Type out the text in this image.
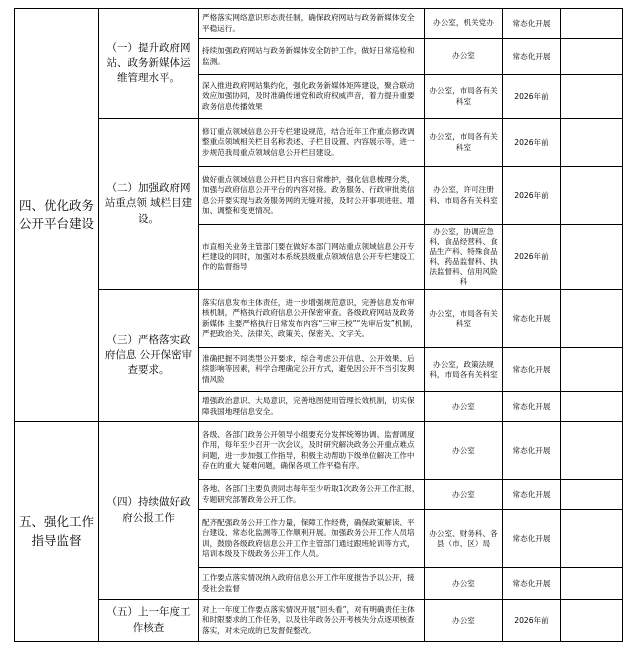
四、优化政务公开平台建设	（一）提升政府网站、政务新媒体运维管理水平。	严格落实网络意识形态责任制，确保政府网站与政务新媒体安全平稳运行。	办公室，机关党办	常态化开展	
		持续加强政府网站与政务新媒体安全防护工作，做好日常巡检和监测。	办公室	常态化开展	
		深入推进政府网站集约化，强化政务新媒体矩阵建设，聚合联动 效应加强协同，及时准确传递党和政府权威声音，着力提升重要政务信息传播效果	办公室，市局各有关科室	2026年前	
	（二）加强政府网站重点领 域栏目建设。	修订重点领域信息公开专栏建设规范，结合近年工作重点修改调 整重点领域相关栏目名称表述、子栏目设置、内容展示等，进一步规范我局重点领域信息公开栏目建设。	办公室，市局各有关科室	2026年前	
		做好重点领域信息公开栏目内容日常维护，强化信息梳理分类，加强与政府信息公开平台的内容对接。政务服务、行政审批类信息公开要实现与政务服务网的无缝对接，及时公开事项进驻、增加、调整和变更情况。	办公室，许可注册科、市局各有关科室	2026年前	
		市直相关业务主管部门要在做好本部门网站重点领域信息公开专栏建设的同时，加强对本系统县级重点领域信息公开专栏建设工作的监督指导	办公室，协调应急科、食品经营科、食品生产科、特殊食品科、药品监督科、执法监督科、信用风险科	2026年前	
	（三）严格落实政府信息 公开保密审查要求。	落实信息发布主体责任，进一步增强规范意识，完善信息发布审 核机制，严格执行政府信息公开保密审查。各级政府网站及政务新媒体 主要严格执行日常发布内容“三审三校”“先审后发”机制，严把政治关、法律关、政策关、保密关、文字关。	办公室，市局各有关科室	常态化开展	
		准确把握不同类型公开要求，综合考虑公开信息、公开效果、后续影响等因素，科学合理确定公开方式，避免因公开不当引发舆情风险	办公室，政策法规科，市局各有关科室	常态化开展	
		增强政治意识、大局意识，完善地图使用管理长效机制，切实保障我国地理信息安全。	办公室	常态化开展	
五、强化工作指导监督	（四）持续做好政府公报工作	各级、各部门政务公开领导小组要充分发挥统筹协调、监督调度 作用，每年至少召开一次会议，及时研究解决政务公开重点难点问题，进一步加强工作指导，积极主动帮助下级单位解决工作中存在的重大 疑难问题，确保各项工作平稳有序。	办公室	常态化开展	
		各地、各部门主要负责同志每年至少听取1次政务公开工作汇报，专题研究部署政务公开工作。	办公室	常态化开展	
		配齐配强政务公开工作力量，保障工作经费，确保政策解读、平台建设、常态化监测等工作顺利开展。加强政务公开工作人员培训，鼓励各级政府信息公开工作主管部门通过跟班轮训等方式，培训本级及下级政务公开工作人员。	办公室、财务科、各县（市、区）局	常态化开展	
		工作要点落实情况纳入政府信息公开工作年度报告予以公开，接受社会监督	办公室	常态化开展	
	（五）上一年度工作核查	对上一年度工作要点落实情况开展“回头看”，对有明确责任主体和时限要求的工作任务，以及往年政务公开考核失分点逐项核查落实，对未完成的已发督促整改。	办公室	2026年前	
